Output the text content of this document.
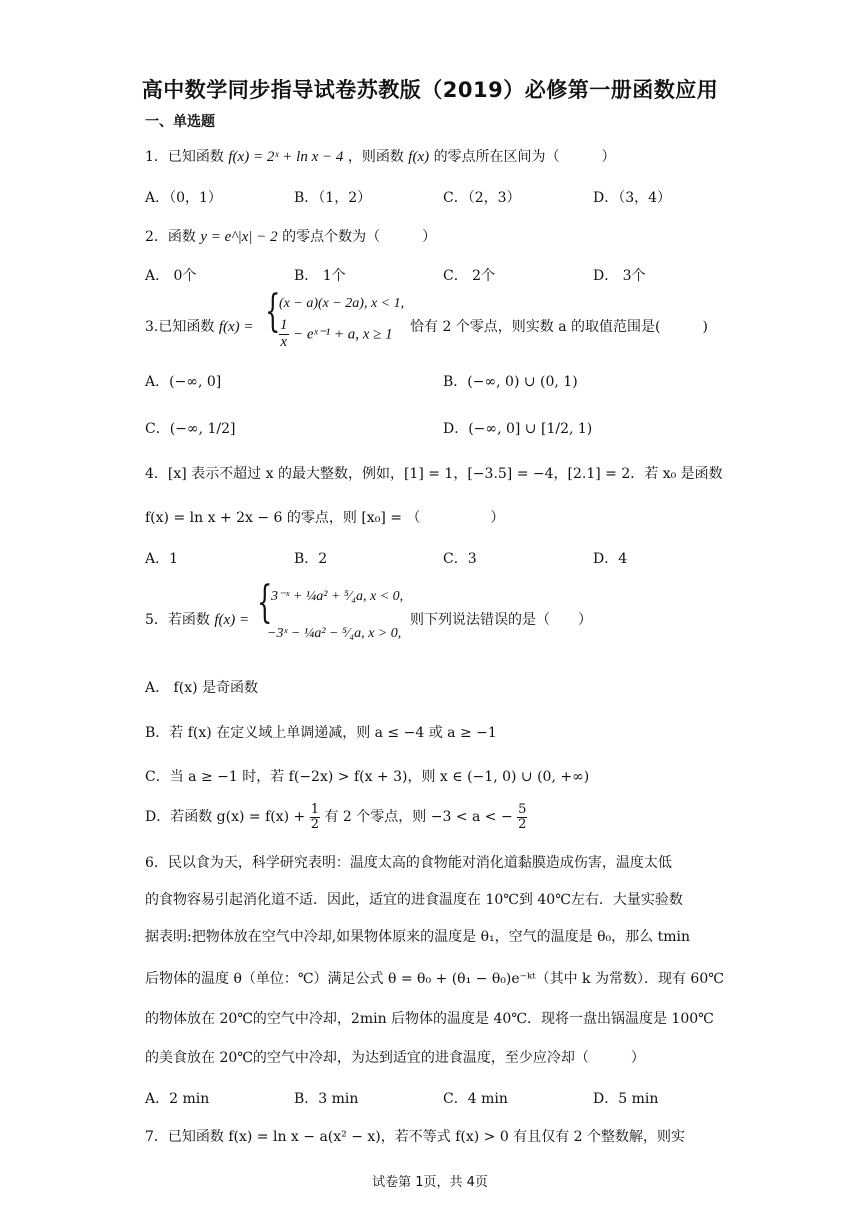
高中数学同步指导试卷苏教版（2019）必修第一册函数应用
一、单选题
1．已知函数 f(x) = 2ˣ + ln x − 4 ，则函数 f(x) 的零点所在区间为（　　　）
A．（0，1）	B．（1，2）	C．（2，3）	D．（3，4）
2．函数 y = e^|x| − 2 的零点个数为（　　　）
A． 0个	B． 1个	C． 2个	D． 3个
3.已知函数 f(x) = {
(x − a)(x − 2a), x < 1,
$\frac{1}{x}$ − eˣ⁻¹ + a, x ≥ 1 恰有 2 个零点，则实数 a 的取值范围是(　　　)
A．(−∞, 0]	B．(−∞, 0) ∪ (0, 1)
C．(−∞, 1/2]	D．(−∞, 0] ∪ [1/2, 1)
4．[x] 表示不超过 x 的最大整数，例如，[1] = 1，[−3.5] = −4，[2.1] = 2．若 x₀ 是函数
f(x) = ln x + 2x − 6 的零点，则 [x₀] = （　　　　　）
A．1	B．2	C．3	D．4
5．若函数 f(x) = {
3⁻ˣ + ¼a² + ⁵⁄₄a, x < 0,
−3ˣ − ¼a² − ⁵⁄₄a, x > 0,
则下列说法错误的是（　　）
A． f(x) 是奇函数
B．若 f(x) 在定义域上单调递减，则 a ≤ −4 或 a ≥ −1
C．当 a ≥ −1 时，若 f(−2x) > f(x + 3)，则 x ∈ (−1, 0) ∪ (0, +∞)
D．若函数 $g(x) = f(x) + \frac{1}{2}$ 有 2 个零点，则 −3 < a < − $\frac{5}{2}$
6．民以食为天，科学研究表明：温度太高的食物能对消化道黏膜造成伤害，温度太低
的食物容易引起消化道不适．因此，适宜的进食温度在 10℃到 40℃左右．大量实验数
据表明:把物体放在空气中冷却,如果物体原来的温度是 θ₁，空气的温度是 θ₀，那么 tmin
后物体的温度 θ（单位：℃）满足公式 θ = θ₀ + (θ₁ − θ₀)e⁻ᵏᵗ（其中 k 为常数）．现有 60℃
的物体放在 20℃的空气中冷却，2min 后物体的温度是 40℃．现将一盘出锅温度是 100℃
的美食放在 20℃的空气中冷却，为达到适宜的进食温度，至少应冷却（　　　）
A．2 min	B．3 min	C．4 min	D．5 min
7．已知函数 f(x) = ln x − a(x² − x)，若不等式 f(x) > 0 有且仅有 2 个整数解，则实
试卷第 1页，共 4页
